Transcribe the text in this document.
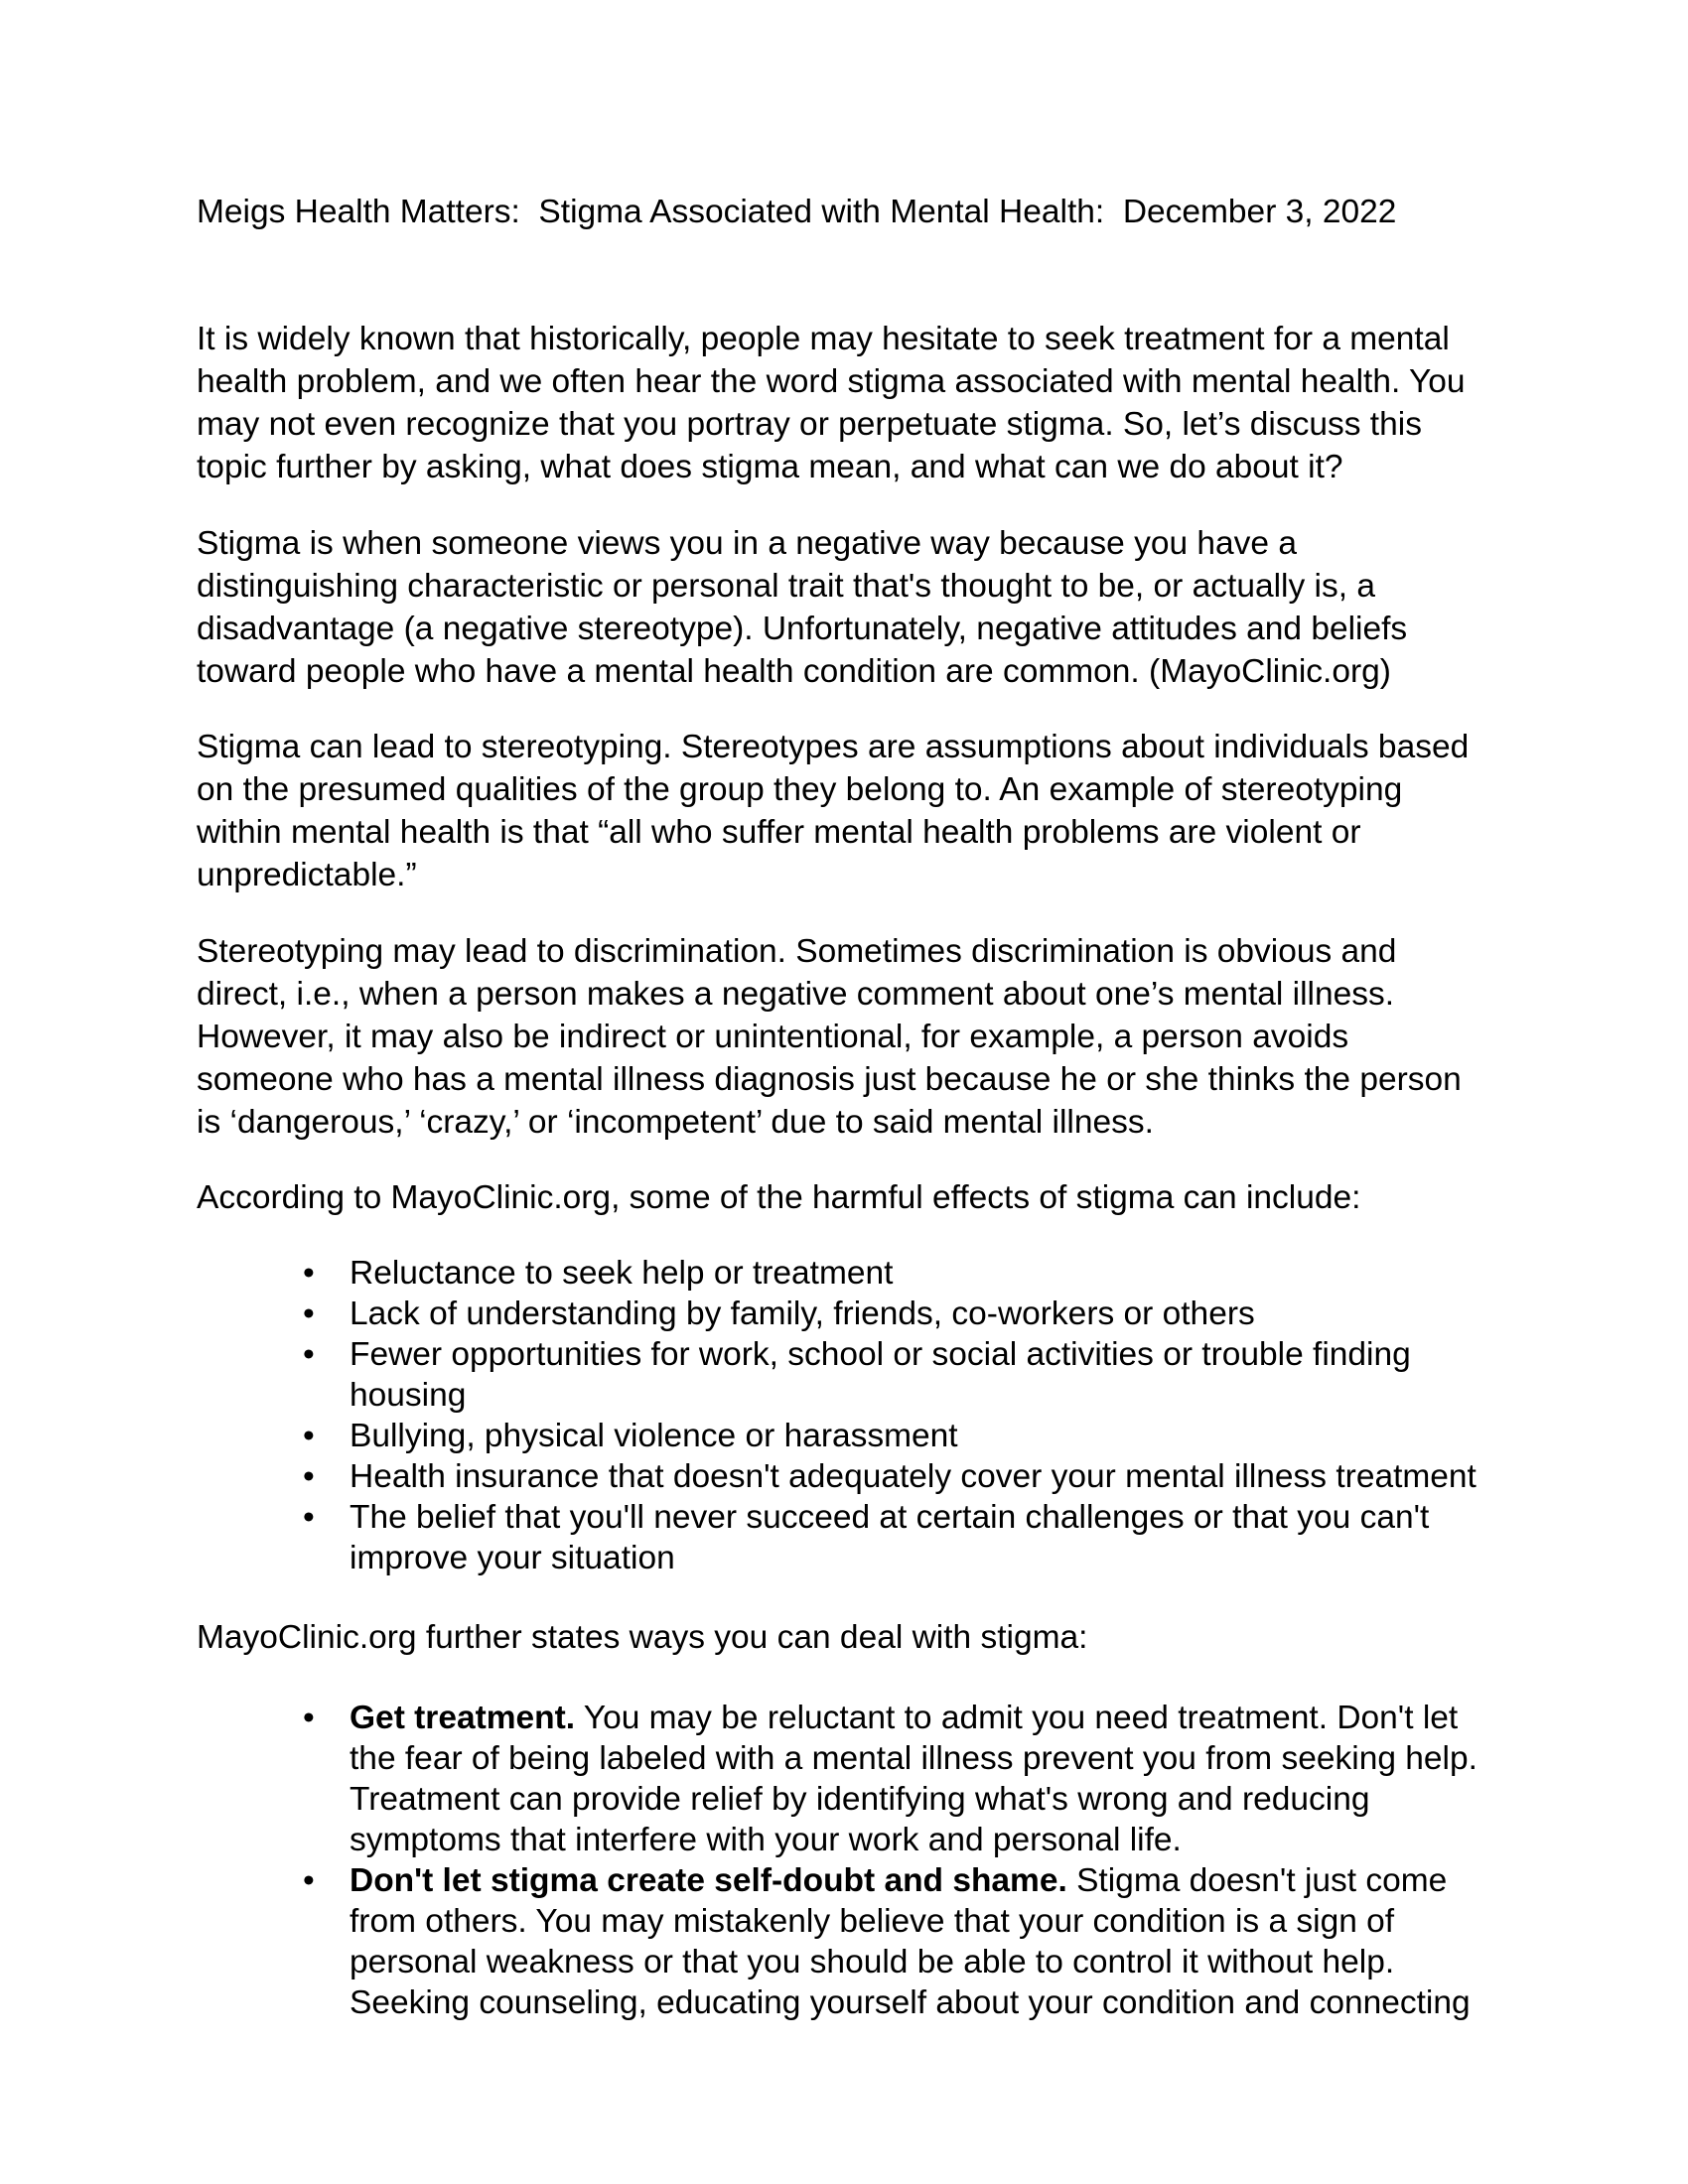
Meigs Health Matters:  Stigma Associated with Mental Health:  December 3, 2022

It is widely known that historically, people may hesitate to seek treatment for a mental
health problem, and we often hear the word stigma associated with mental health. You
may not even recognize that you portray or perpetuate stigma. So, let’s discuss this
topic further by asking, what does stigma mean, and what can we do about it?

Stigma is when someone views you in a negative way because you have a
distinguishing characteristic or personal trait that's thought to be, or actually is, a
disadvantage (a negative stereotype). Unfortunately, negative attitudes and beliefs
toward people who have a mental health condition are common. (MayoClinic.org)

Stigma can lead to stereotyping. Stereotypes are assumptions about individuals based
on the presumed qualities of the group they belong to. An example of stereotyping
within mental health is that “all who suffer mental health problems are violent or
unpredictable.”

Stereotyping may lead to discrimination. Sometimes discrimination is obvious and
direct, i.e., when a person makes a negative comment about one’s mental illness.
However, it may also be indirect or unintentional, for example, a person avoids
someone who has a mental illness diagnosis just because he or she thinks the person
is ‘dangerous,’ ‘crazy,’ or ‘incompetent’ due to said mental illness.

According to MayoClinic.org, some of the harmful effects of stigma can include:

• Reluctance to seek help or treatment
• Lack of understanding by family, friends, co-workers or others
• Fewer opportunities for work, school or social activities or trouble finding
housing
• Bullying, physical violence or harassment
• Health insurance that doesn't adequately cover your mental illness treatment
• The belief that you'll never succeed at certain challenges or that you can't
improve your situation

MayoClinic.org further states ways you can deal with stigma:

• Get treatment. You may be reluctant to admit you need treatment. Don't let
the fear of being labeled with a mental illness prevent you from seeking help.
Treatment can provide relief by identifying what's wrong and reducing
symptoms that interfere with your work and personal life.
• Don't let stigma create self-doubt and shame. Stigma doesn't just come
from others. You may mistakenly believe that your condition is a sign of
personal weakness or that you should be able to control it without help.
Seeking counseling, educating yourself about your condition and connecting
